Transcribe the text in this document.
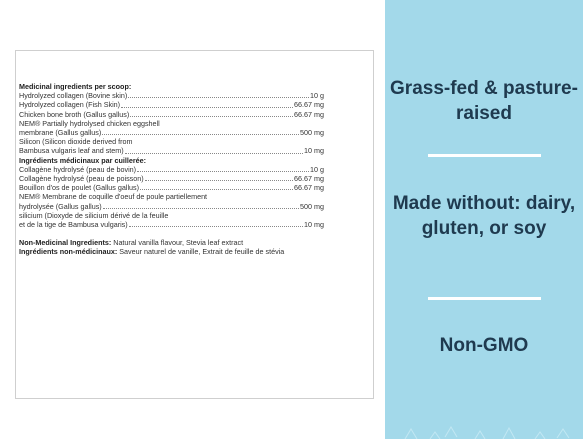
Medicinal ingredients per scoop:
Hydrolyzed collagen (Bovine skin)	10 g
Hydrolyzed collagen (Fish Skin)	66.67 mg
Chicken bone broth (Gallus gallus)	66.67 mg
NEM® Partially hydrolysed chicken eggshell
membrane (Gallus gallus)	500 mg
Silicon (Silicon dioxide derived from
Bambusa vulgaris leaf and stem)	10 mg
Ingrédients médicinaux par cuillerée:
Collagène hydrolysé (peau de bovin)	10 g
Collagène hydrolysé (peau de poisson)	66.67 mg
Bouillon d'os de poulet (Gallus gallus)	66.67 mg
NEM® Membrane de coquille d'oeuf de poule partiellement
hydrolysée (Gallus gallus)	500 mg
silicium (Dioxyde de silicium dérivé de la feuille
et de la tige de Bambusa vulgaris)	10 mg
Non-Medicinal Ingredients: Natural vanilla flavour, Stevia leaf extract
Ingrédients non-médicinaux: Saveur naturel de vanille, Extrait de feuille de stévia
Grass-fed & pasture-raised
Made without: dairy, gluten, or soy
Non-GMO
